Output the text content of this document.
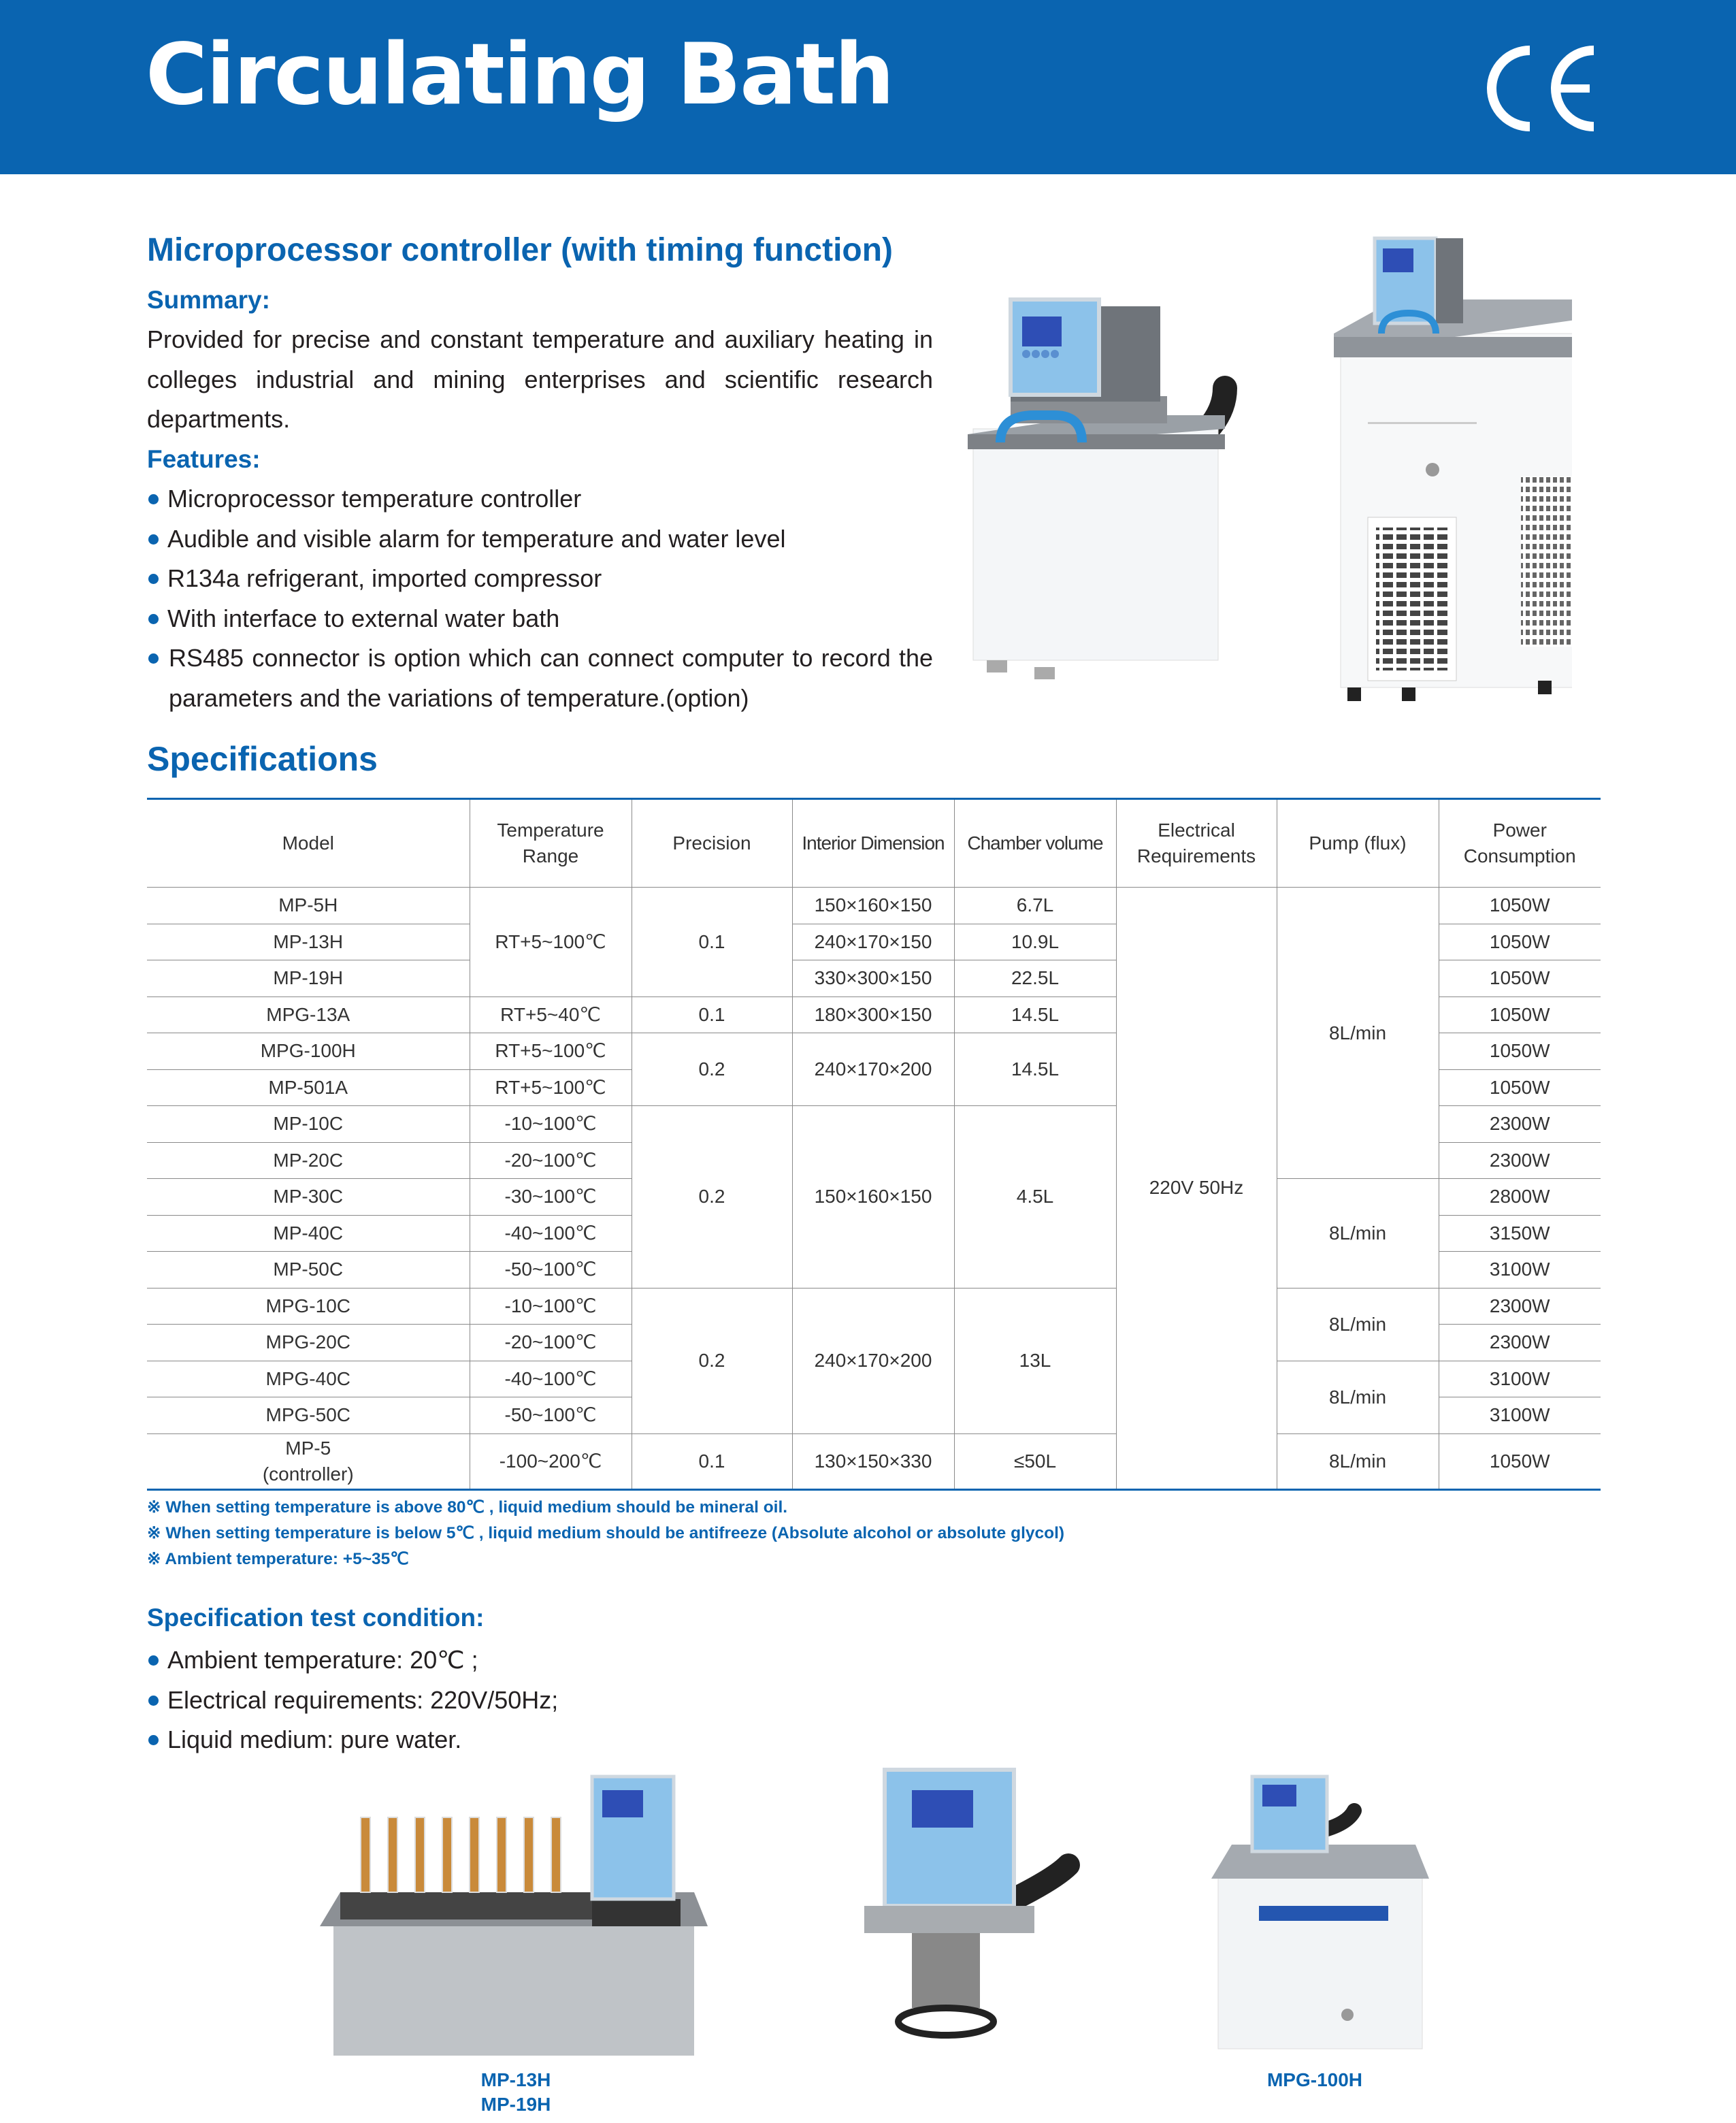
Circulating Bath
Microprocessor controller (with timing function)
Summary:
Provided for precise and constant temperature and auxiliary heating in colleges industrial and mining enterprises and scientific research departments.
Features:
Microprocessor temperature controller
Audible and visible alarm for temperature and water level
R134a refrigerant, imported compressor
With interface to external water bath
RS485 connector is option which can connect computer to record the parameters and the variations of temperature.(option)
Specifications
Model	Temperature Range	Precision	Interior Dimension	Chamber volume	Electrical Requirements	Pump (flux)	Power Consumption
MP-5H	RT+5~100℃	0.1	150×160×150	6.7L	220V 50Hz	8L/min	1050W
MP-13H			240×170×150	10.9L			1050W
MP-19H			330×300×150	22.5L			1050W
MPG-13A	RT+5~40℃	0.1	180×300×150	14.5L			1050W
MPG-100H	RT+5~100℃	0.2	240×170×200	14.5L			1050W
MP-501A	RT+5~100℃						1050W
MP-10C	-10~100℃	0.2	150×160×150	4.5L			2300W
MP-20C	-20~100℃						2300W
MP-30C	-30~100℃					8L/min	2800W
MP-40C	-40~100℃						3150W
MP-50C	-50~100℃						3100W
MPG-10C	-10~100℃	0.2	240×170×200	13L		8L/min	2300W
MPG-20C	-20~100℃						2300W
MPG-40C	-40~100℃					8L/min	3100W
MPG-50C	-50~100℃						3100W
MP-5
(controller)	-100~200℃	0.1	130×150×330	≤50L		8L/min	1050W
※ When setting temperature is above 80℃ , liquid medium should be mineral oil.
※ When setting temperature is below 5℃ , liquid medium should be antifreeze (Absolute alcohol or absolute glycol)
※ Ambient temperature: +5~35℃
Specification test condition:
Ambient temperature: 20℃ ;
Electrical requirements: 220V/50Hz;
Liquid medium: pure water.
MP-13H
MP-19H
MPG-100H
